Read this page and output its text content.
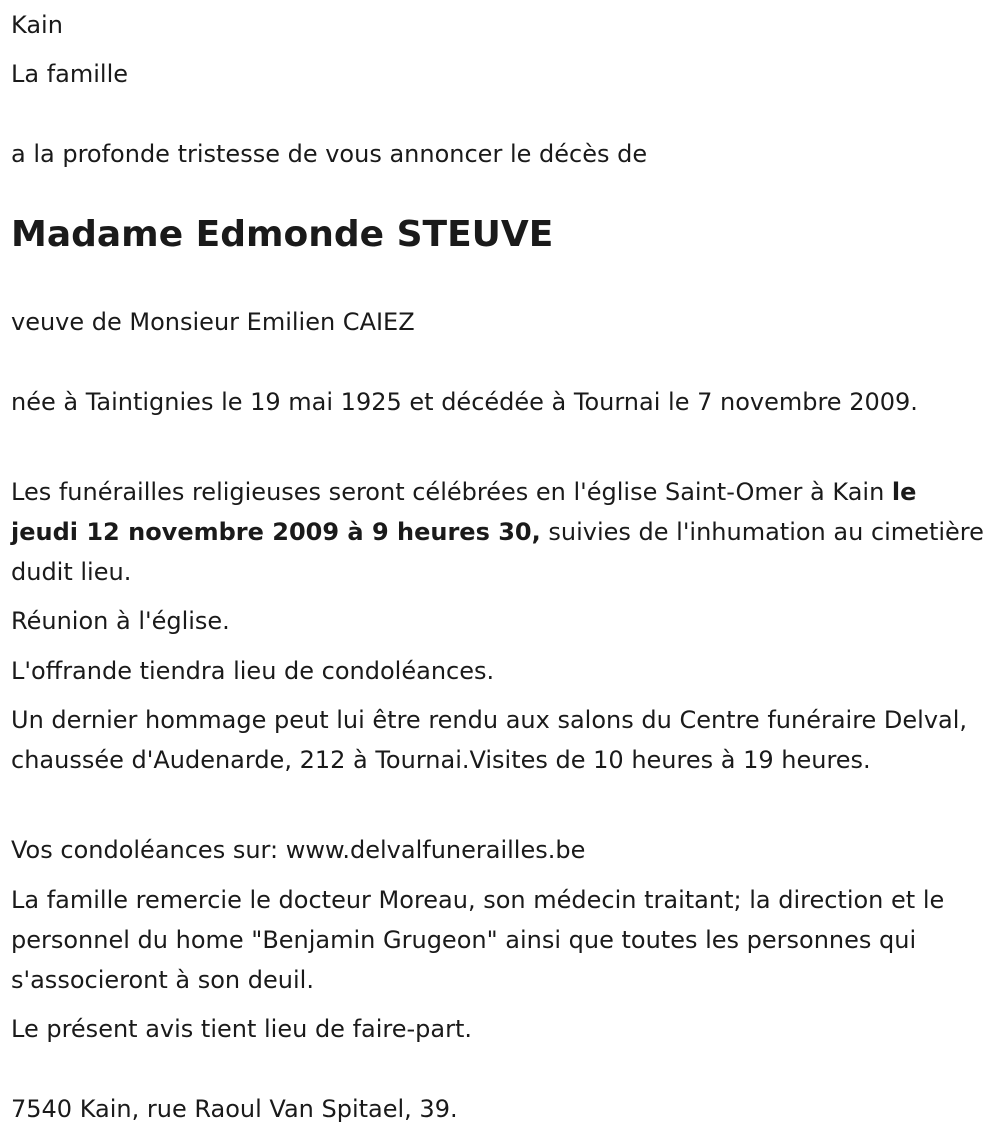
Kain

La famille

a la profonde tristesse de vous annoncer le décès de

Madame Edmonde STEUVE

veuve de Monsieur Emilien CAIEZ

née à Taintignies le 19 mai 1925 et décédée à Tournai le 7 novembre 2009.

Les funérailles religieuses seront célébrées en l'église Saint-Omer à Kain le jeudi 12 novembre 2009 à 9 heures 30, suivies de l'inhumation au cimetière dudit lieu.

Réunion à l'église.

L'offrande tiendra lieu de condoléances.

Un dernier hommage peut lui être rendu aux salons du Centre funéraire Delval, chaussée d'Audenarde, 212 à Tournai.Visites de 10 heures à 19 heures.

Vos condoléances sur: www.delvalfunerailles.be

La famille remercie le docteur Moreau, son médecin traitant; la direction et le personnel du home "Benjamin Grugeon" ainsi que toutes les personnes qui s'associeront à son deuil.

Le présent avis tient lieu de faire-part.

7540 Kain, rue Raoul Van Spitael, 39.
